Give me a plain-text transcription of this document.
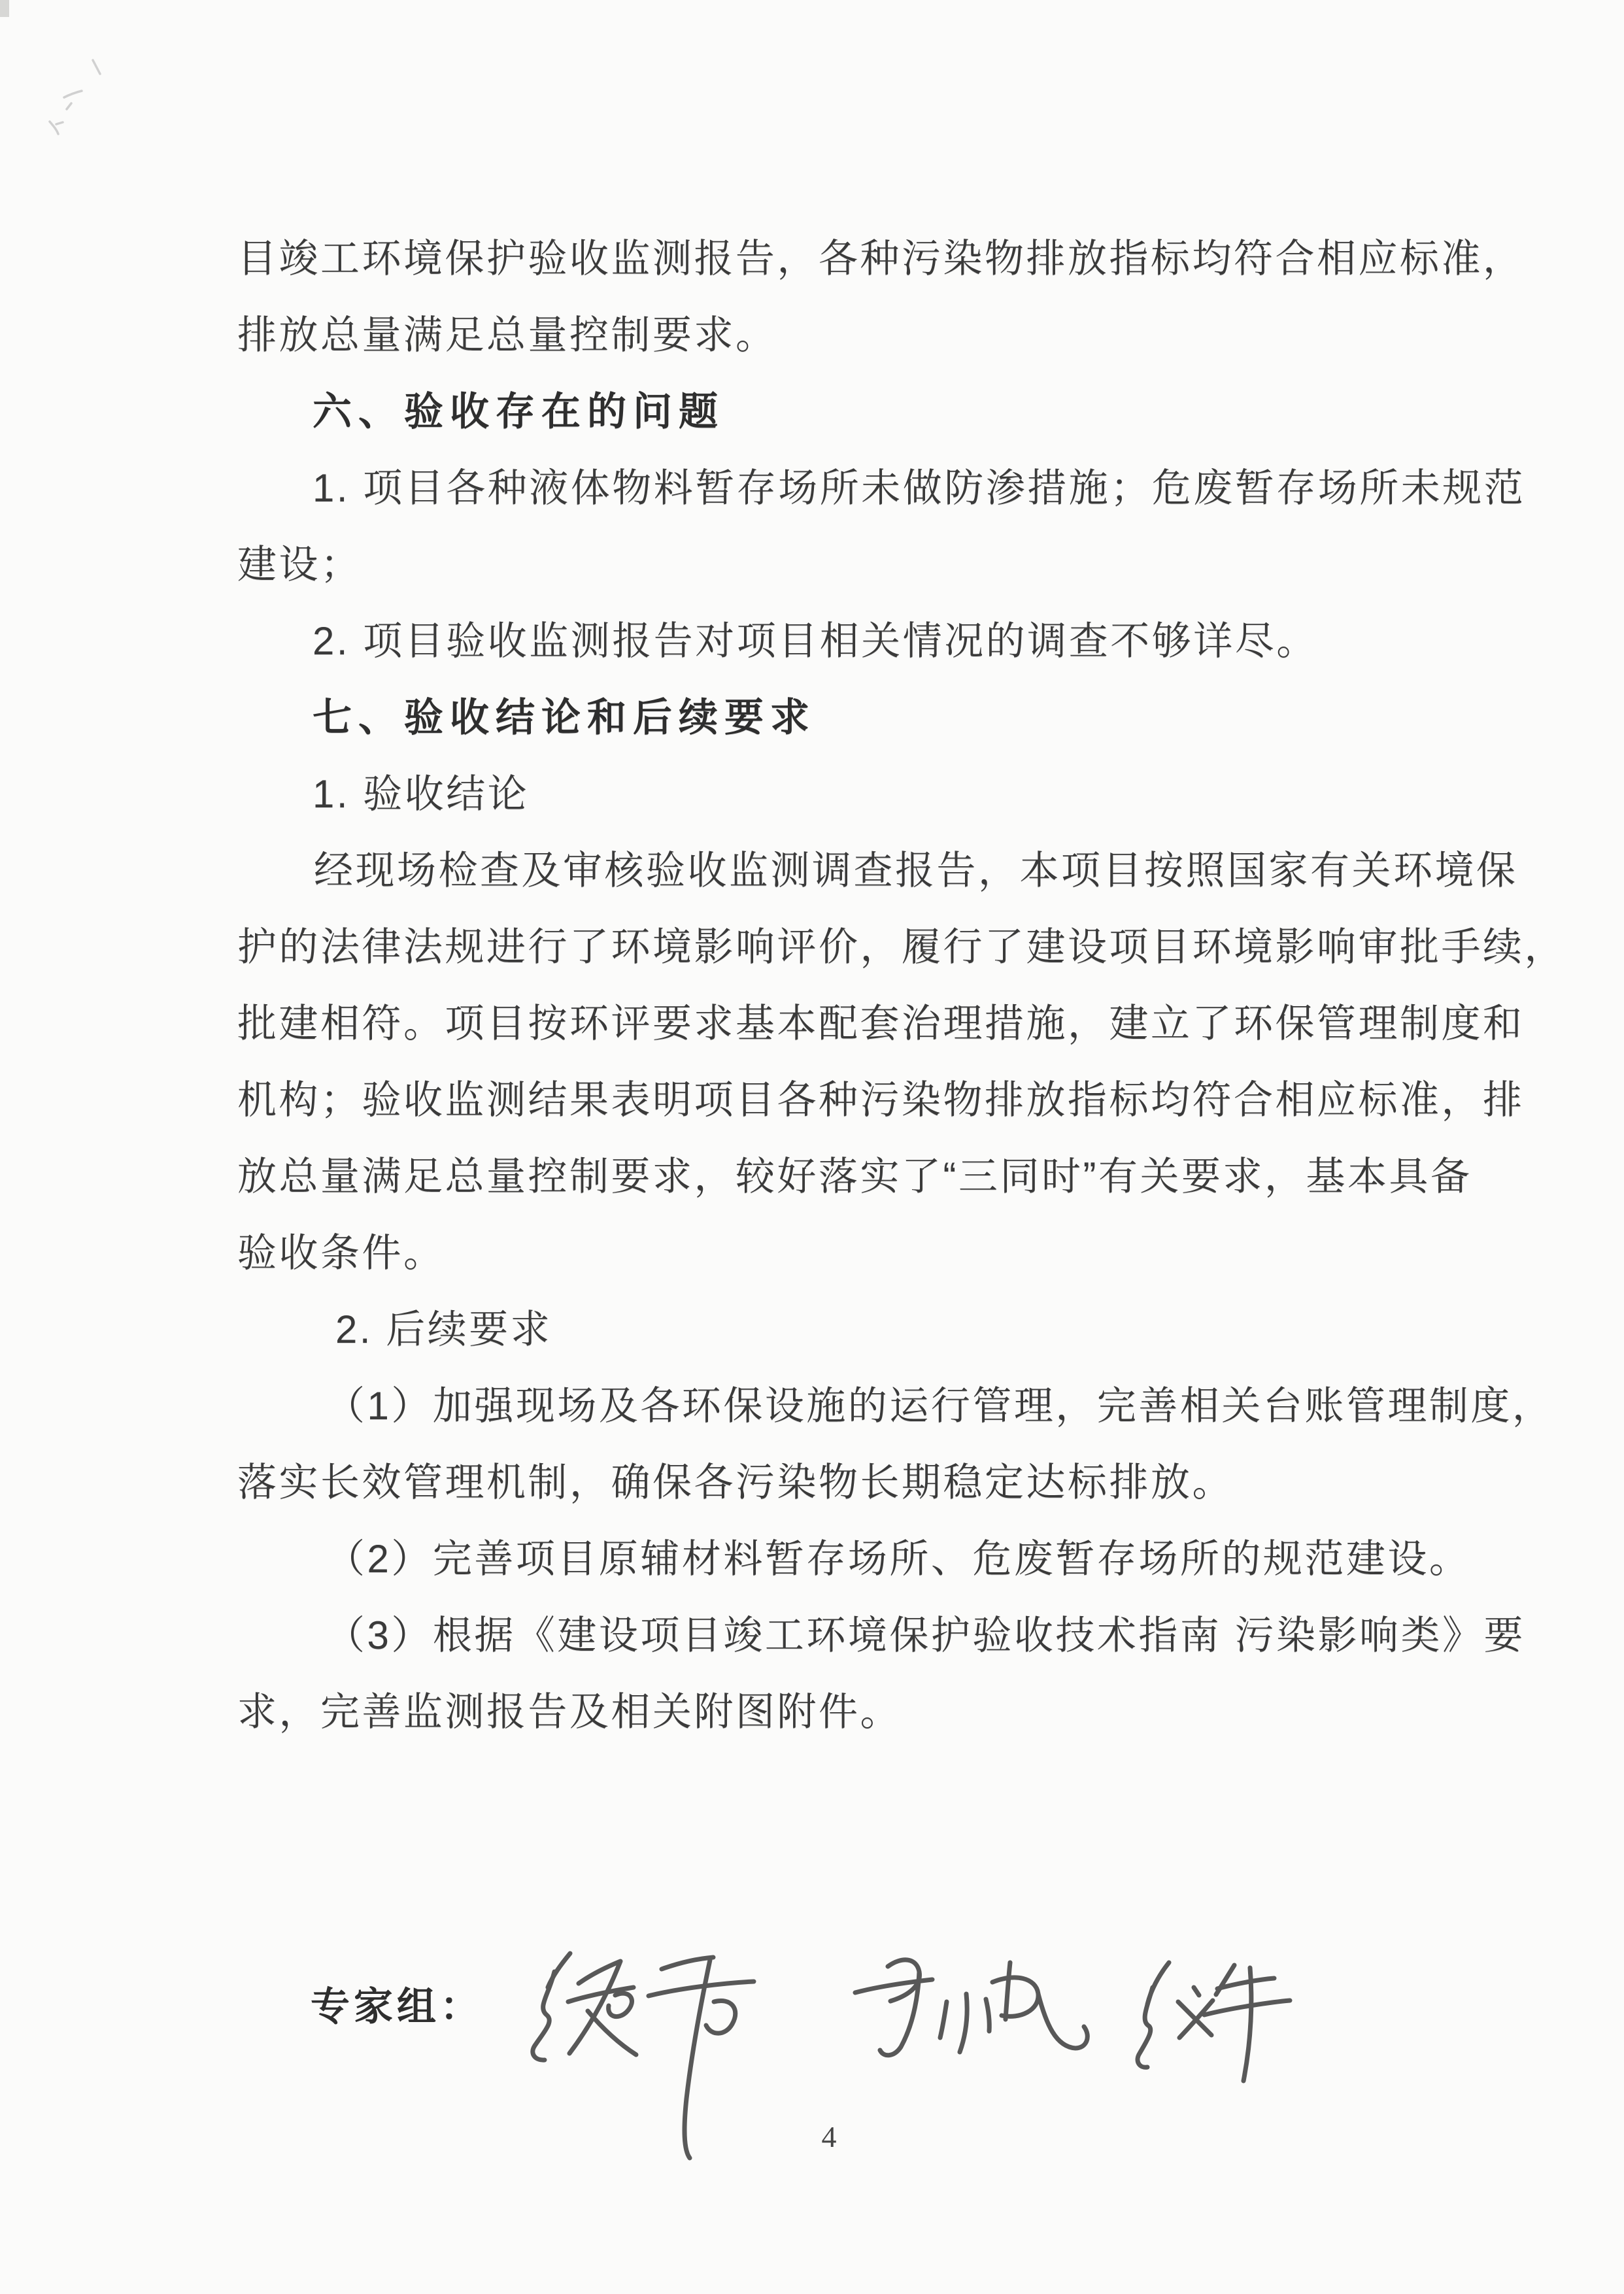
目竣工环境保护验收监测报告，各种污染物排放指标均符合相应标准，
排放总量满足总量控制要求。
六、验收存在的问题
1. 项目各种液体物料暂存场所未做防渗措施；危废暂存场所未规范
建设；
2. 项目验收监测报告对项目相关情况的调查不够详尽。
七、验收结论和后续要求
1. 验收结论
经现场检查及审核验收监测调查报告，本项目按照国家有关环境保
护的法律法规进行了环境影响评价，履行了建设项目环境影响审批手续，
批建相符。项目按环评要求基本配套治理措施，建立了环保管理制度和
机构；验收监测结果表明项目各种污染物排放指标均符合相应标准，排
放总量满足总量控制要求，较好落实了“三同时”有关要求，基本具备
验收条件。
2. 后续要求
（1）加强现场及各环保设施的运行管理，完善相关台账管理制度，
落实长效管理机制，确保各污染物长期稳定达标排放。
（2）完善项目原辅材料暂存场所、危废暂存场所的规范建设。
（3）根据《建设项目竣工环境保护验收技术指南 污染影响类》要
求，完善监测报告及相关附图附件。
专家组：
4
